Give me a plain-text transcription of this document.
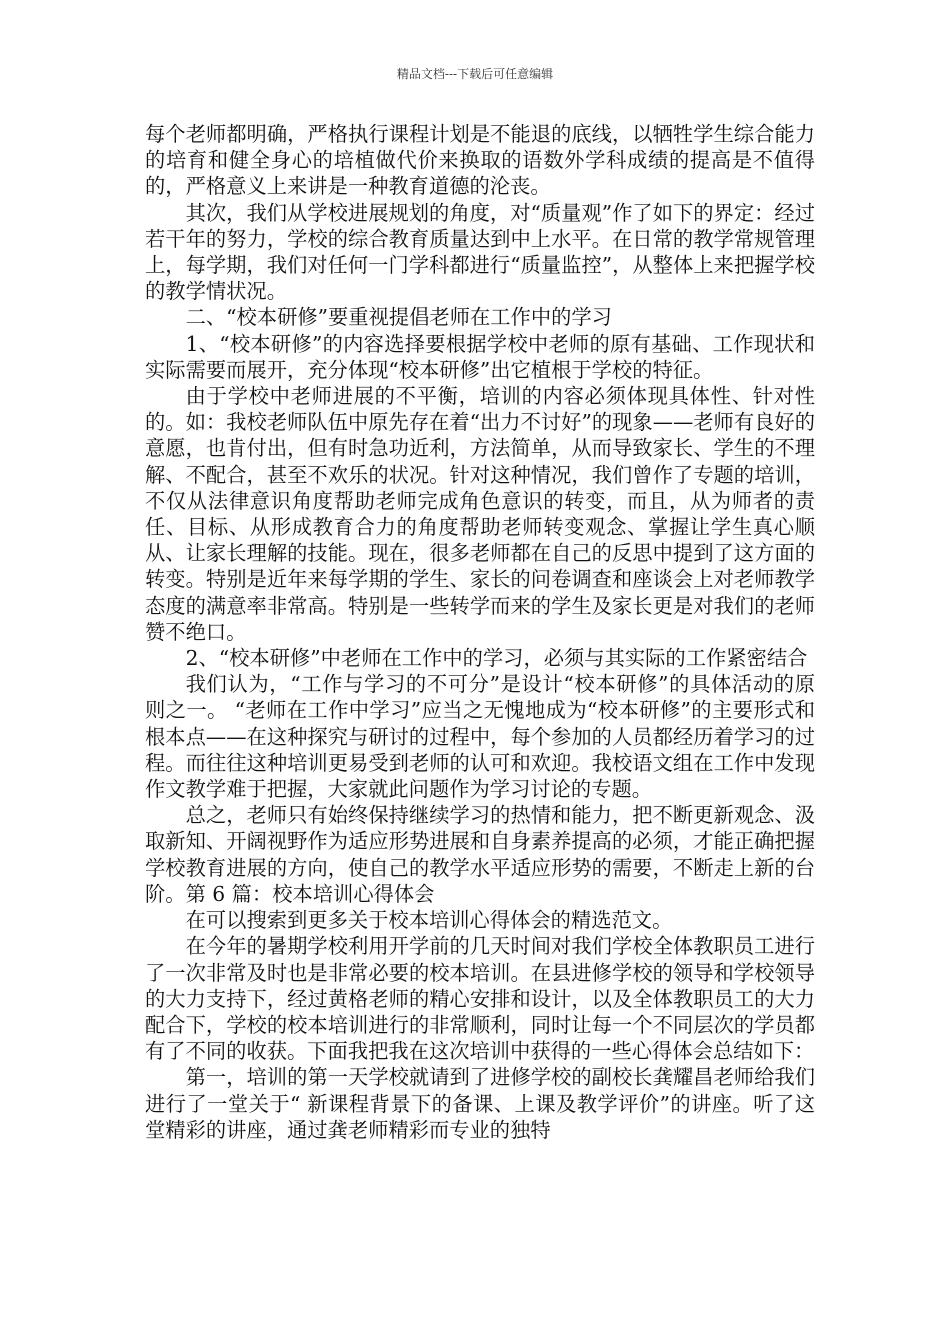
精品文档---下载后可任意编辑

每个老师都明确，严格执行课程计划是不能退的底线，以牺牲学生综合能力的培育和健全身心的培植做代价来换取的语数外学科成绩的提高是不值得的，严格意义上来讲是一种教育道德的沦丧。

其次，我们从学校进展规划的角度，对“质量观”作了如下的界定：经过若干年的努力，学校的综合教育质量达到中上水平。在日常的教学常规管理上，每学期，我们对任何一门学科都进行“质量监控”，从整体上来把握学校的教学情状况。

二、“校本研修”要重视提倡老师在工作中的学习

1、“校本研修”的内容选择要根据学校中老师的原有基础、工作现状和实际需要而展开，充分体现“校本研修”出它植根于学校的特征。

由于学校中老师进展的不平衡，培训的内容必须体现具体性、针对性的。如：我校老师队伍中原先存在着“出力不讨好”的现象——老师有良好的意愿，也肯付出，但有时急功近利，方法简单，从而导致家长、学生的不理解、不配合，甚至不欢乐的状况。针对这种情况，我们曾作了专题的培训，不仅从法律意识角度帮助老师完成角色意识的转变，而且，从为师者的责任、目标、从形成教育合力的角度帮助老师转变观念、掌握让学生真心顺从、让家长理解的技能。现在，很多老师都在自己的反思中提到了这方面的转变。特别是近年来每学期的学生、家长的问卷调查和座谈会上对老师教学态度的满意率非常高。特别是一些转学而来的学生及家长更是对我们的老师赞不绝口。

2、“校本研修”中老师在工作中的学习，必须与其实际的工作紧密结合

我们认为，“工作与学习的不可分”是设计“校本研修”的具体活动的原则之一。 “老师在工作中学习”应当之无愧地成为“校本研修”的主要形式和根本点——在这种探究与研讨的过程中，每个参加的人员都经历着学习的过程。而往往这种培训更易受到老师的认可和欢迎。我校语文组在工作中发现作文教学难于把握，大家就此问题作为学习讨论的专题。

总之，老师只有始终保持继续学习的热情和能力，把不断更新观念、汲取新知、开阔视野作为适应形势进展和自身素养提高的必须，才能正确把握学校教育进展的方向，使自己的教学水平适应形势的需要，不断走上新的台阶。第 6 篇：校本培训心得体会

在可以搜索到更多关于校本培训心得体会的精选范文。

在今年的暑期学校利用开学前的几天时间对我们学校全体教职员工进行了一次非常及时也是非常必要的校本培训。在县进修学校的领导和学校领导的大力支持下，经过黄格老师的精心安排和设计，以及全体教职员工的大力配合下，学校的校本培训进行的非常顺利，同时让每一个不同层次的学员都有了不同的收获。下面我把我在这次培训中获得的一些心得体会总结如下：

第一，培训的第一天学校就请到了进修学校的副校长龚耀昌老师给我们进行了一堂关于“ 新课程背景下的备课、上课及教学评价”的讲座。听了这堂精彩的讲座，通过龚老师精彩而专业的独特
